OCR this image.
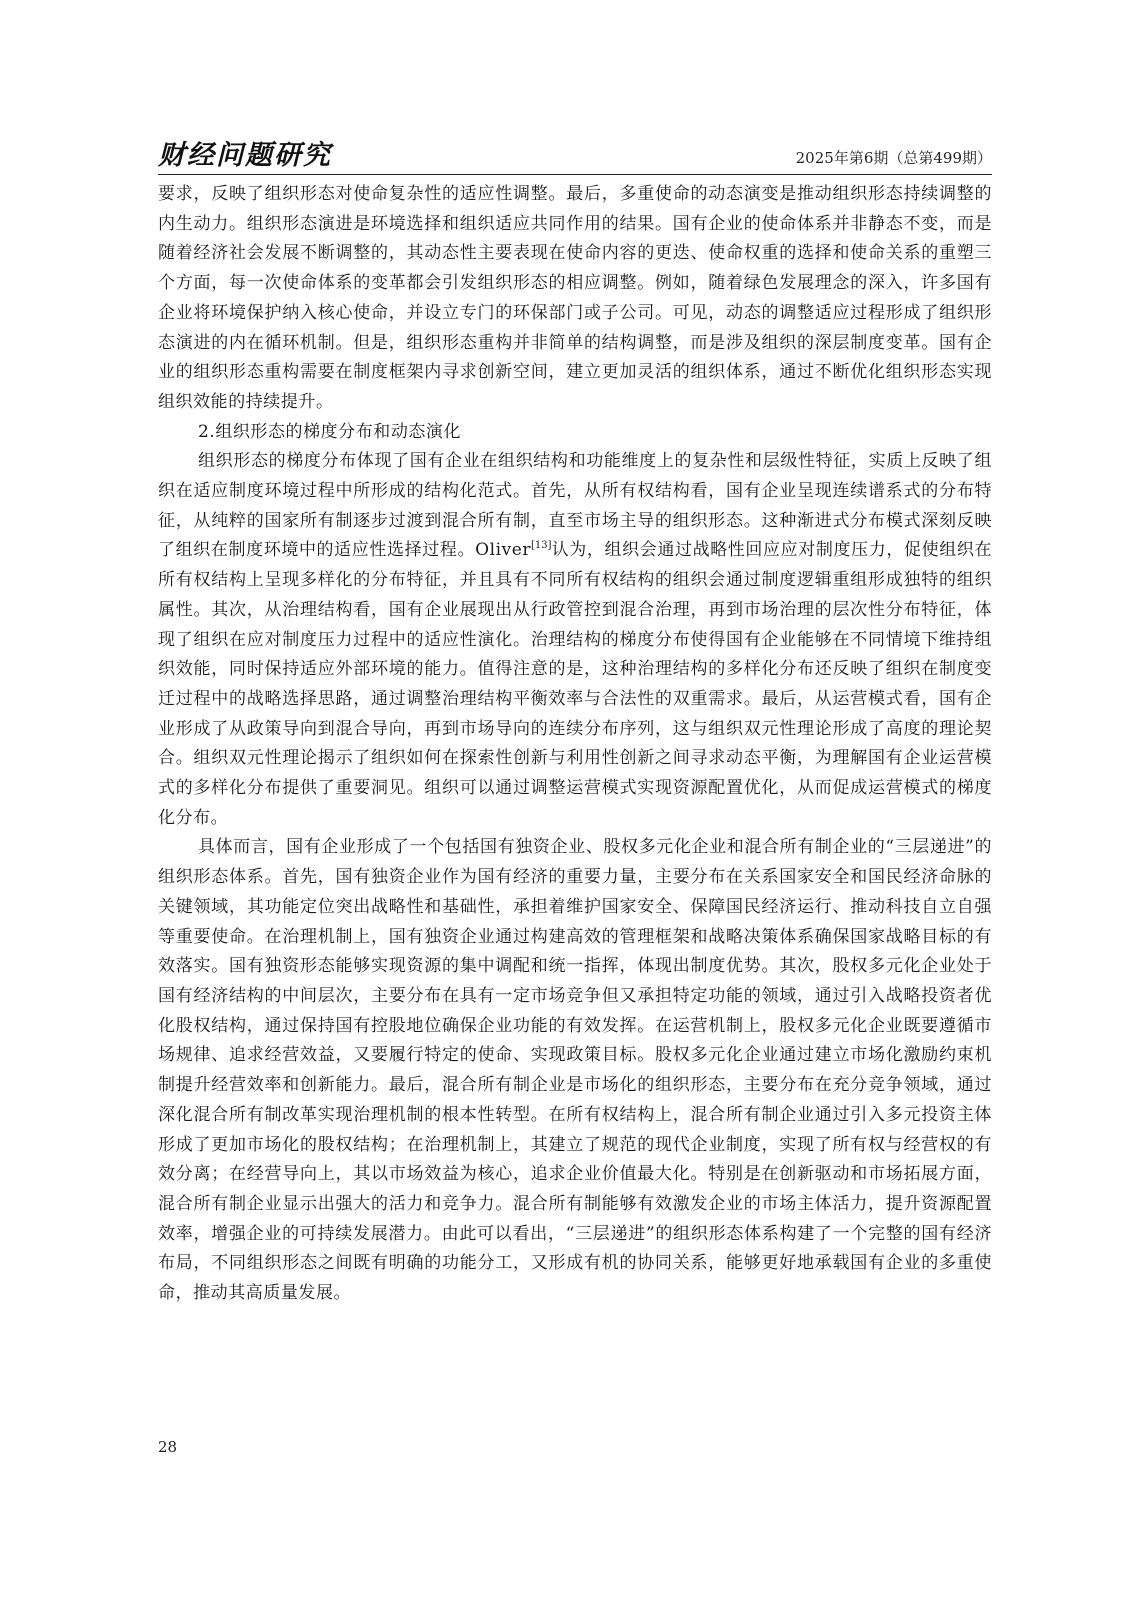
财经问题研究	2025年第6期（总第499期）

要求，反映了组织形态对使命复杂性的适应性调整。最后，多重使命的动态演变是推动组织形态持续调整的内生动力。组织形态演进是环境选择和组织适应共同作用的结果。国有企业的使命体系并非静态不变，而是随着经济社会发展不断调整的，其动态性主要表现在使命内容的更迭、使命权重的选择和使命关系的重塑三个方面，每一次使命体系的变革都会引发组织形态的相应调整。例如，随着绿色发展理念的深入，许多国有企业将环境保护纳入核心使命，并设立专门的环保部门或子公司。可见，动态的调整适应过程形成了组织形态演进的内在循环机制。但是，组织形态重构并非简单的结构调整，而是涉及组织的深层制度变革。国有企业的组织形态重构需要在制度框架内寻求创新空间，建立更加灵活的组织体系，通过不断优化组织形态实现组织效能的持续提升。

2.组织形态的梯度分布和动态演化

组织形态的梯度分布体现了国有企业在组织结构和功能维度上的复杂性和层级性特征，实质上反映了组织在适应制度环境过程中所形成的结构化范式。首先，从所有权结构看，国有企业呈现连续谱系式的分布特征，从纯粹的国家所有制逐步过渡到混合所有制，直至市场主导的组织形态。这种渐进式分布模式深刻反映了组织在制度环境中的适应性选择过程。Oliver[13]认为，组织会通过战略性回应应对制度压力，促使组织在所有权结构上呈现多样化的分布特征，并且具有不同所有权结构的组织会通过制度逻辑重组形成独特的组织属性。其次，从治理结构看，国有企业展现出从行政管控到混合治理，再到市场治理的层次性分布特征，体现了组织在应对制度压力过程中的适应性演化。治理结构的梯度分布使得国有企业能够在不同情境下维持组织效能，同时保持适应外部环境的能力。值得注意的是，这种治理结构的多样化分布还反映了组织在制度变迁过程中的战略选择思路，通过调整治理结构平衡效率与合法性的双重需求。最后，从运营模式看，国有企业形成了从政策导向到混合导向，再到市场导向的连续分布序列，这与组织双元性理论形成了高度的理论契合。组织双元性理论揭示了组织如何在探索性创新与利用性创新之间寻求动态平衡，为理解国有企业运营模式的多样化分布提供了重要洞见。组织可以通过调整运营模式实现资源配置优化，从而促成运营模式的梯度化分布。

具体而言，国有企业形成了一个包括国有独资企业、股权多元化企业和混合所有制企业的“三层递进”的组织形态体系。首先，国有独资企业作为国有经济的重要力量，主要分布在关系国家安全和国民经济命脉的关键领域，其功能定位突出战略性和基础性，承担着维护国家安全、保障国民经济运行、推动科技自立自强等重要使命。在治理机制上，国有独资企业通过构建高效的管理框架和战略决策体系确保国家战略目标的有效落实。国有独资形态能够实现资源的集中调配和统一指挥，体现出制度优势。其次，股权多元化企业处于国有经济结构的中间层次，主要分布在具有一定市场竞争但又承担特定功能的领域，通过引入战略投资者优化股权结构，通过保持国有控股地位确保企业功能的有效发挥。在运营机制上，股权多元化企业既要遵循市场规律、追求经营效益，又要履行特定的使命、实现政策目标。股权多元化企业通过建立市场化激励约束机制提升经营效率和创新能力。最后，混合所有制企业是市场化的组织形态，主要分布在充分竞争领域，通过深化混合所有制改革实现治理机制的根本性转型。在所有权结构上，混合所有制企业通过引入多元投资主体形成了更加市场化的股权结构；在治理机制上，其建立了规范的现代企业制度，实现了所有权与经营权的有效分离；在经营导向上，其以市场效益为核心，追求企业价值最大化。特别是在创新驱动和市场拓展方面，混合所有制企业显示出强大的活力和竞争力。混合所有制能够有效激发企业的市场主体活力，提升资源配置效率，增强企业的可持续发展潜力。由此可以看出，“三层递进”的组织形态体系构建了一个完整的国有经济布局，不同组织形态之间既有明确的功能分工，又形成有机的协同关系，能够更好地承载国有企业的多重使命，推动其高质量发展。

28
